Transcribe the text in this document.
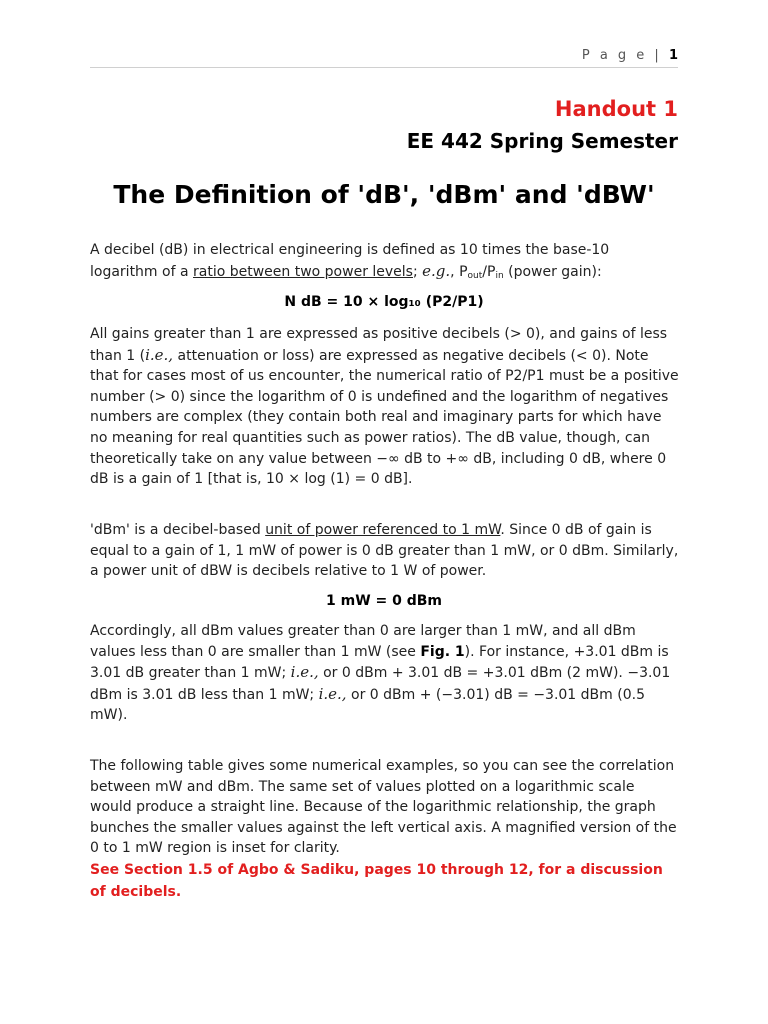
P a g e | 1
Handout 1
EE 442 Spring Semester
The Definition of 'dB', 'dBm' and 'dBW'
A decibel (dB) in electrical engineering is defined as 10 times the base-10 logarithm of a ratio between two power levels; e.g., Pout/Pin (power gain):
N dB = 10 × log₁₀ (P2/P1)
All gains greater than 1 are expressed as positive decibels (> 0), and gains of less than 1 (i.e., attenuation or loss) are expressed as negative decibels (< 0). Note that for cases most of us encounter, the numerical ratio of P2/P1 must be a positive number (> 0) since the logarithm of 0 is undefined and the logarithm of negatives numbers are complex (they contain both real and imaginary parts for which have no meaning for real quantities such as power ratios). The dB value, though, can theoretically take on any value between −∞ dB to +∞ dB, including 0 dB, where 0 dB is a gain of 1 [that is, 10 × log (1) = 0 dB].
'dBm' is a decibel-based unit of power referenced to 1 mW. Since 0 dB of gain is equal to a gain of 1, 1 mW of power is 0 dB greater than 1 mW, or 0 dBm. Similarly, a power unit of dBW is decibels relative to 1 W of power.
1 mW = 0 dBm
Accordingly, all dBm values greater than 0 are larger than 1 mW, and all dBm values less than 0 are smaller than 1 mW (see Fig. 1). For instance, +3.01 dBm is 3.01 dB greater than 1 mW; i.e., or 0 dBm + 3.01 dB = +3.01 dBm (2 mW). −3.01 dBm is 3.01 dB less than 1 mW; i.e., or 0 dBm + (−3.01) dB = −3.01 dBm (0.5 mW).
The following table gives some numerical examples, so you can see the correlation between mW and dBm. The same set of values plotted on a logarithmic scale would produce a straight line. Because of the logarithmic relationship, the graph bunches the smaller values against the left vertical axis. A magnified version of the 0 to 1 mW region is inset for clarity.
See Section 1.5 of Agbo & Sadiku, pages 10 through 12, for a discussion of decibels.
